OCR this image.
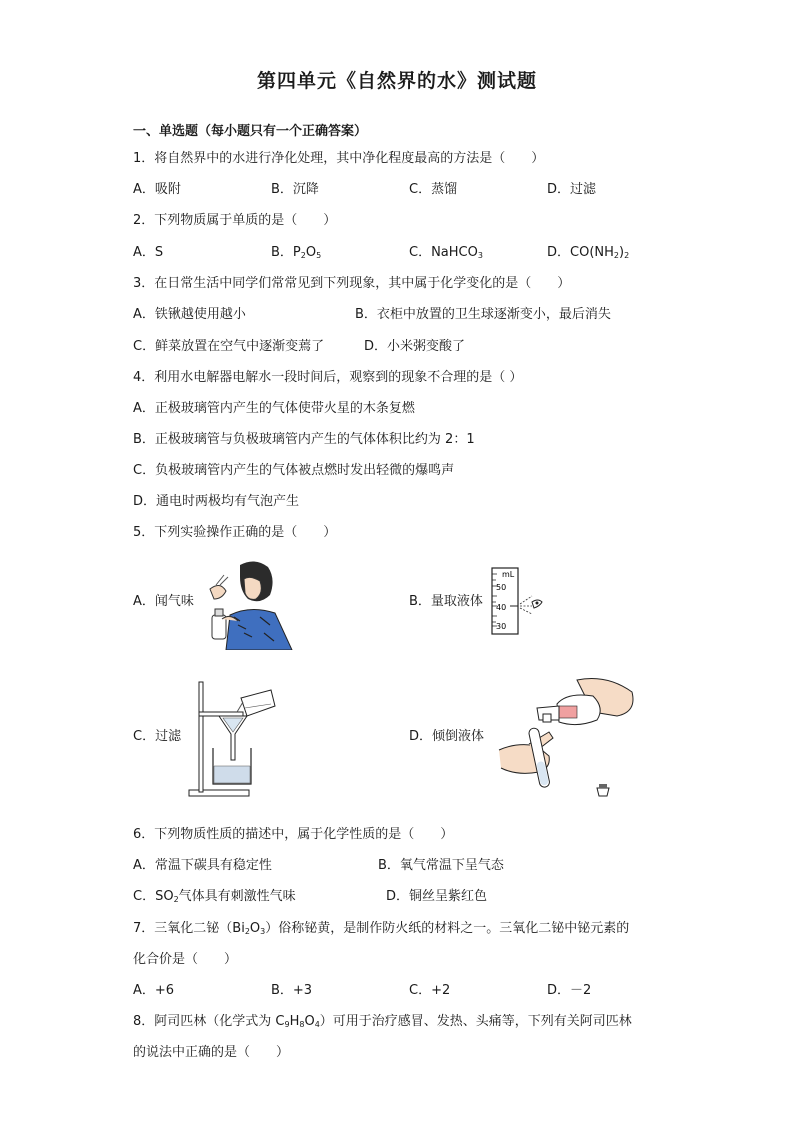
第四单元《自然界的水》测试题
一、单选题（每小题只有一个正确答案）
1．将自然界中的水进行净化处理，其中净化程度最高的方法是（　　）
A．吸附	B．沉降	C．蒸馏	D．过滤
2．下列物质属于单质的是（　　）
A．S	B．$P_2O_5$	C．NaHCO$_3$	D．$CO(NH_2)_2$
3．在日常生活中同学们常常见到下列现象，其中属于化学变化的是（　　）
A．铁锹越使用越小	B．衣柜中放置的卫生球逐渐变小，最后消失
C．鲜菜放置在空气中逐渐变蔫了	D．小米粥变酸了
4．利用水电解器电解水一段时间后，观察到的现象不合理的是（ ）
A．正极玻璃管内产生的气体使带火星的木条复燃
B．正极玻璃管与负极玻璃管内产生的气体体积比约为 2：1
C．负极玻璃管内产生的气体被点燃时发出轻微的爆鸣声
D．通电时两极均有气泡产生
5．下列实验操作正确的是（　　）
A．闻气味	B．量取液体
mL
50
40
30
C．过滤	D．倾倒液体
6．下列物质性质的描述中，属于化学性质的是（　　）
A．常温下碳具有稳定性	B．氧气常温下呈气态
C．$SO_2$气体具有刺激性气味	D．铜丝呈紫红色
7．三氧化二铋$(Bi_2O_3)$俗称铋黄，是制作防火纸的材料之一。三氧化二铋中铋元素的
化合价是（　　）
A．+6	B．+3	C．+2	D．－2
8．阿司匹林（化学式为 $C_9H_8O_4$）可用于治疗感冒、发热、头痛等，下列有关阿司匹林
的说法中正确的是（　　）
